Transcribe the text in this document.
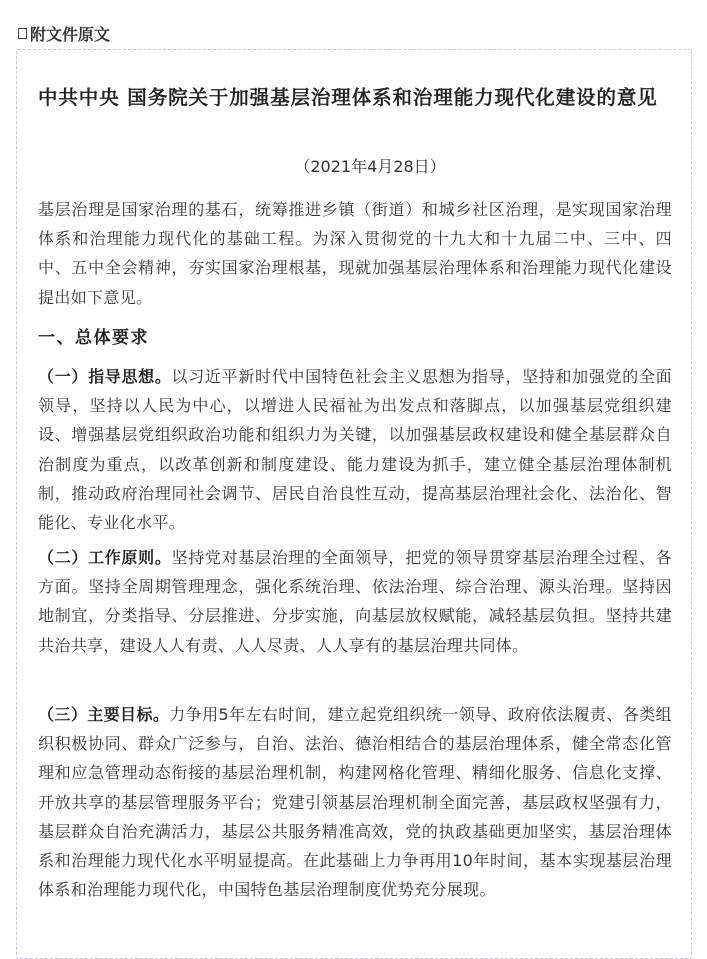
附文件原文
中共中央 国务院关于加强基层治理体系和治理能力现代化建设的意见
（2021年4月28日）

基层治理是国家治理的基石，统筹推进乡镇（街道）和城乡社区治理，是实现国家治理体系和治理能力现代化的基础工程。为深入贯彻党的十九大和十九届二中、三中、四中、五中全会精神，夯实国家治理根基，现就加强基层治理体系和治理能力现代化建设提出如下意见。

一、总体要求

（一）指导思想。以习近平新时代中国特色社会主义思想为指导，坚持和加强党的全面领导，坚持以人民为中心，以增进人民福祉为出发点和落脚点，以加强基层党组织建设、增强基层党组织政治功能和组织力为关键，以加强基层政权建设和健全基层群众自治制度为重点，以改革创新和制度建设、能力建设为抓手，建立健全基层治理体制机制，推动政府治理同社会调节、居民自治良性互动，提高基层治理社会化、法治化、智能化、专业化水平。

（二）工作原则。坚持党对基层治理的全面领导，把党的领导贯穿基层治理全过程、各方面。坚持全周期管理理念，强化系统治理、依法治理、综合治理、源头治理。坚持因地制宜，分类指导、分层推进、分步实施，向基层放权赋能，减轻基层负担。坚持共建共治共享，建设人人有责、人人尽责、人人享有的基层治理共同体。

（三）主要目标。力争用5年左右时间，建立起党组织统一领导、政府依法履责、各类组织积极协同、群众广泛参与，自治、法治、德治相结合的基层治理体系，健全常态化管理和应急管理动态衔接的基层治理机制，构建网格化管理、精细化服务、信息化支撑、开放共享的基层管理服务平台；党建引领基层治理机制全面完善，基层政权坚强有力，基层群众自治充满活力，基层公共服务精准高效，党的执政基础更加坚实，基层治理体系和治理能力现代化水平明显提高。在此基础上力争再用10年时间，基本实现基层治理体系和治理能力现代化，中国特色基层治理制度优势充分展现。
